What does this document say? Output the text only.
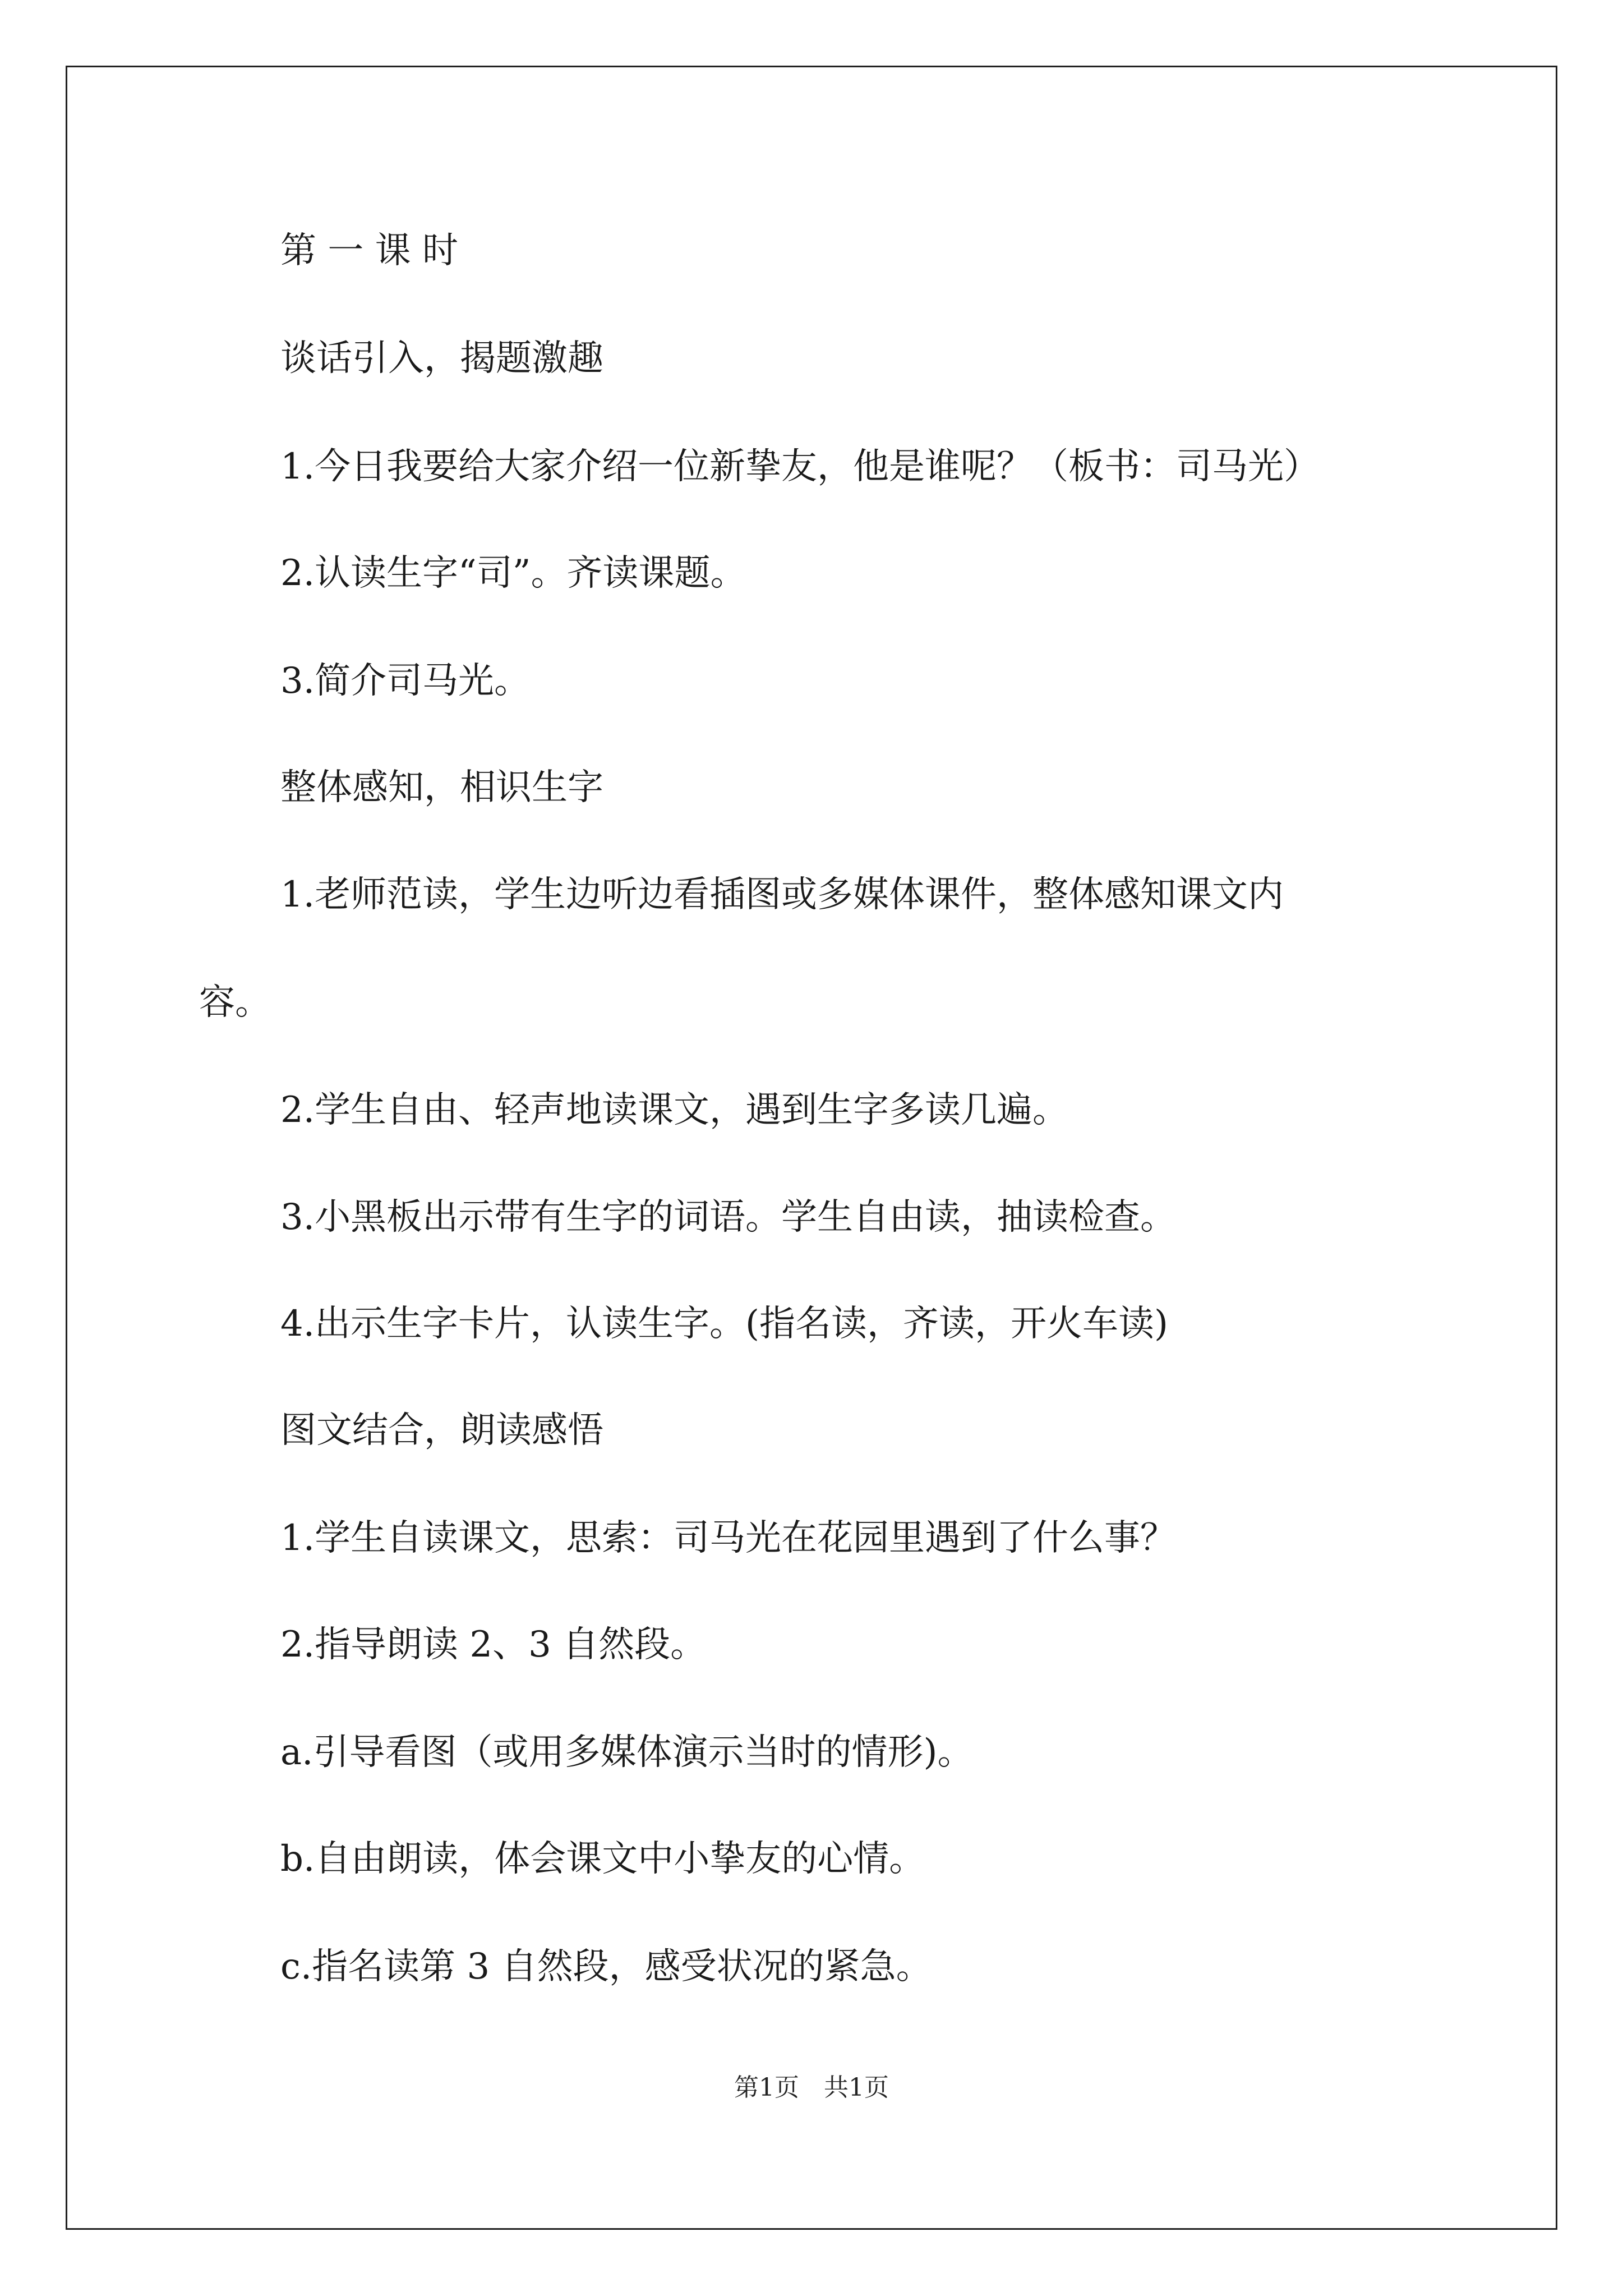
第 一 课 时
谈话引入，揭题激趣
1.今日我要给大家介绍一位新挚友，他是谁呢？（板书：司马光）
2.认读生字“司”。齐读课题。
3.简介司马光。
整体感知，相识生字
1.老师范读，学生边听边看插图或多媒体课件，整体感知课文内
容。
2.学生自由、轻声地读课文，遇到生字多读几遍。
3.小黑板出示带有生字的词语。学生自由读，抽读检查。
4.出示生字卡片，认读生字。(指名读，齐读，开火车读)
图文结合，朗读感悟
1.学生自读课文，思索：司马光在花园里遇到了什么事？
2.指导朗读 2、3 自然段。
a.引导看图（或用多媒体演示当时的情形)。
b.自由朗读，体会课文中小挚友的心情。
c.指名读第 3 自然段，感受状况的紧急。
第1页　共1页
